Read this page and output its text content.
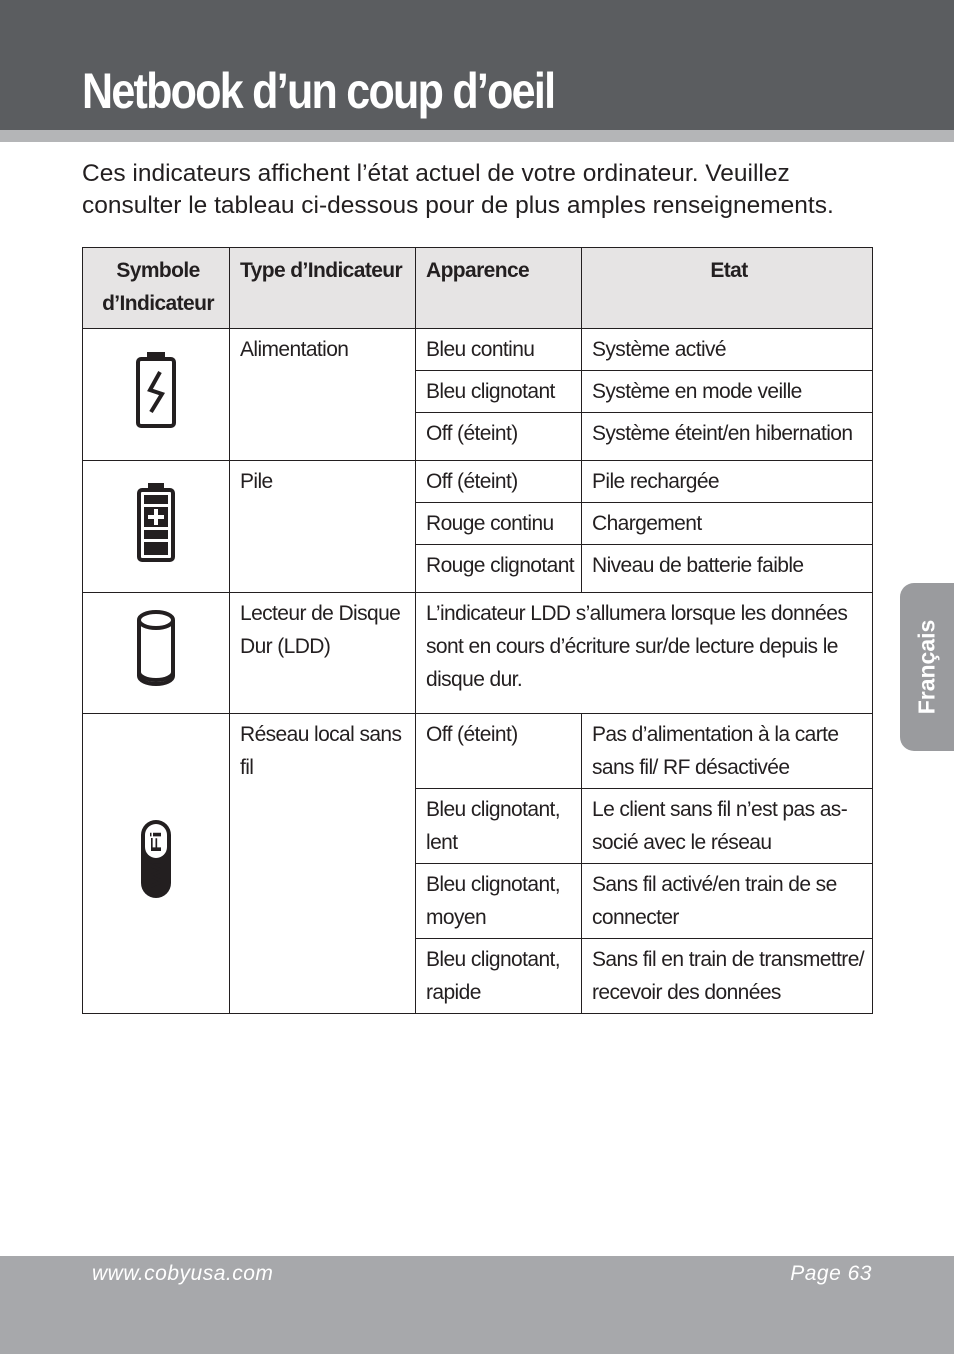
Netbook d’un coup d’oeil

Ces indicateurs affichent l’état actuel de votre ordinateur. Veuillez consulter le tableau ci-dessous pour de plus amples renseignements.

Symbole d’Indicateur	Type d’Indicateur	Apparence	Etat
	Alimentation	Bleu continu	Système activé
		Bleu clignotant	Système en mode veille
		Off (éteint)	Système éteint/en hibernation
	Pile	Off (éteint)	Pile rechargée
		Rouge continu	Chargement
		Rouge clignotant	Niveau de batterie faible
	Lecteur de Disque Dur (LDD)	L’indicateur LDD s’allumera lorsque les données sont en cours d’écriture sur/de lecture depuis le disque dur.	

Wi Fi	Réseau local sans fil	Off (éteint)	Pas d’alimentation à la carte sans fil/ RF désactivée
		Bleu clignotant, lent	Le client sans fil n’est pas as-socié avec le réseau
		Bleu clignotant, moyen	Sans fil activé/en train de se connecter
		Bleu clignotant, rapide	Sans fil en train de transmettre/ recevoir des données
Français
www.cobyusa.com	Page 63
